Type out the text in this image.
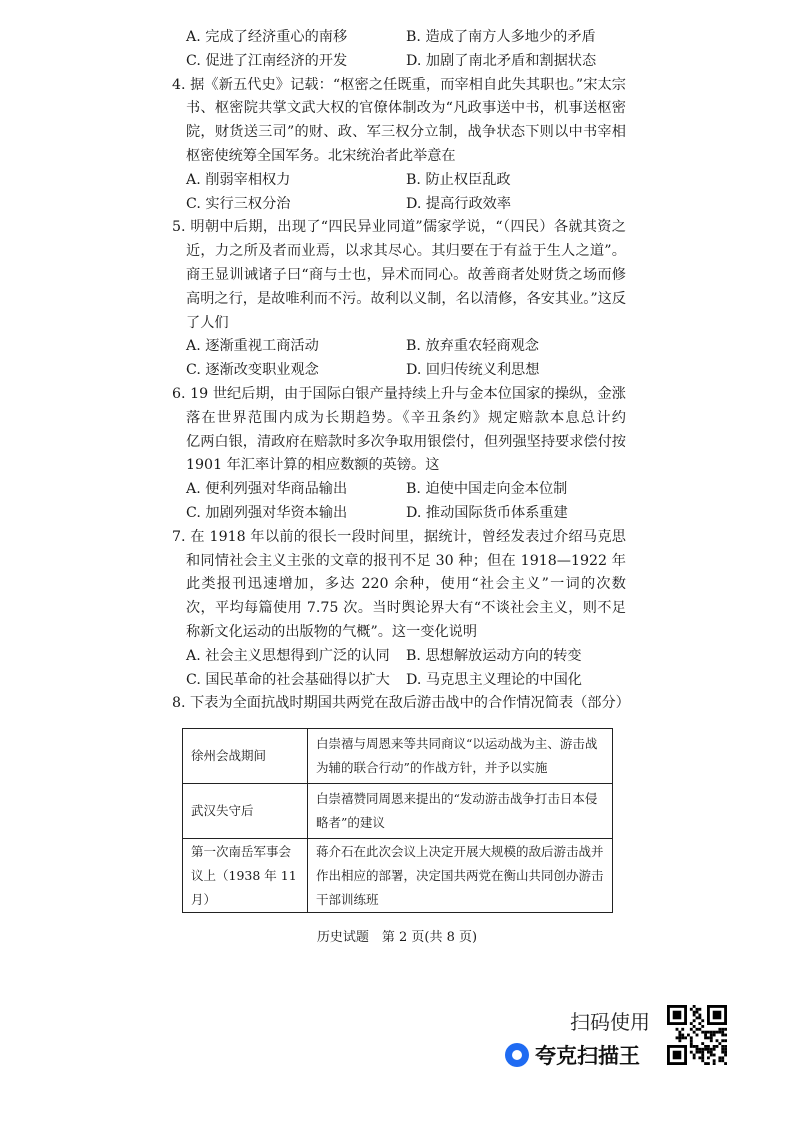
A. 完成了经济重心的南移	B. 造成了南方人多地少的矛盾
C. 促进了江南经济的开发	D. 加剧了南北矛盾和割据状态
4. 据《新五代史》记载：“枢密之任既重，而宰相自此失其职也。”宋太宗
书、枢密院共掌文武大权的官僚体制改为“凡政事送中书，机事送枢密
院，财货送三司”的财、政、军三权分立制，战争状态下则以中书宰相
枢密使统筹全国军务。北宋统治者此举意在
A. 削弱宰相权力	B. 防止权臣乱政
C. 实行三权分治	D. 提高行政效率
5. 明朝中后期，出现了“四民异业同道”儒家学说，“（四民）各就其资之
近，力之所及者而业焉，以求其尽心。其归要在于有益于生人之道”。
商王显训诫诸子曰“商与士也，异术而同心。故善商者处财货之场而修
高明之行，是故唯利而不污。故利以义制，名以清修，各安其业。”这反
了人们
A. 逐渐重视工商活动	B. 放弃重农轻商观念
C. 逐渐改变职业观念	D. 回归传统义利思想
6. 19 世纪后期，由于国际白银产量持续上升与金本位国家的操纵，金涨
落在世界范围内成为长期趋势。《辛丑条约》规定赔款本息总计约
亿两白银，清政府在赔款时多次争取用银偿付，但列强坚持要求偿付按
1901 年汇率计算的相应数额的英镑。这
A. 便利列强对华商品输出	B. 迫使中国走向金本位制
C. 加剧列强对华资本输出	D. 推动国际货币体系重建
7. 在 1918 年以前的很长一段时间里，据统计，曾经发表过介绍马克思
和同情社会主义主张的文章的报刊不足 30 种；但在 1918—1922 年
此类报刊迅速增加，多达 220 余种，使用“社会主义”一词的次数
次，平均每篇使用 7.75 次。当时舆论界大有“不谈社会主义，则不足
称新文化运动的出版物的气概”。这一变化说明
A. 社会主义思想得到广泛的认同	B. 思想解放运动方向的转变
C. 国民革命的社会基础得以扩大	D. 马克思主义理论的中国化
8. 下表为全面抗战时期国共两党在敌后游击战中的合作情况简表（部分）
徐州会战期间	白崇禧与周恩来等共同商议“以运动战为主、游击战为辅的联合行动”的作战方针，并予以实施
武汉失守后	白崇禧赞同周恩来提出的“发动游击战争打击日本侵略者”的建议
第一次南岳军事会议上（1938 年 11 月）	蒋介石在此次会议上决定开展大规模的敌后游击战并作出相应的部署，决定国共两党在衡山共同创办游击干部训练班
历史试题　第 2 页(共 8 页)
扫码使用
夸克扫描王
